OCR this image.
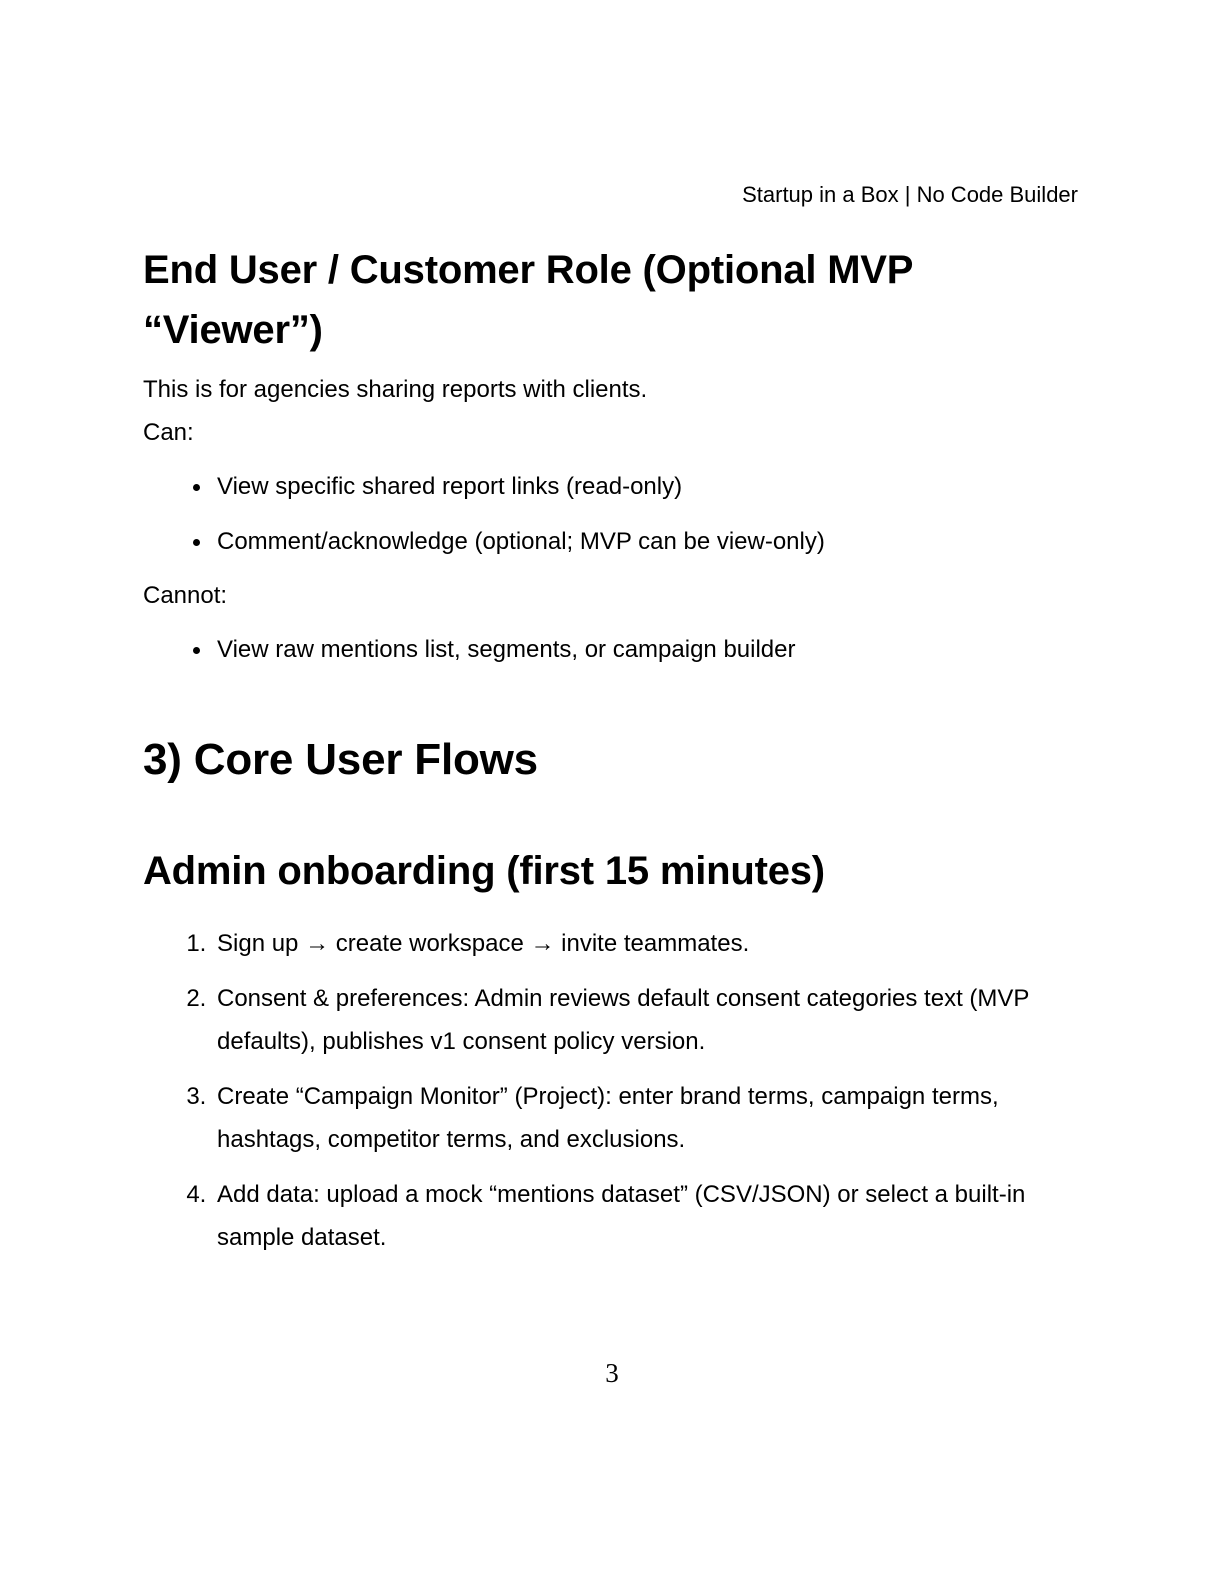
Startup in a Box | No Code Builder
End User / Customer Role (Optional MVP “Viewer”)
This is for agencies sharing reports with clients.
Can:
• View specific shared report links (read-only)
• Comment/acknowledge (optional; MVP can be view-only)
Cannot:
• View raw mentions list, segments, or campaign builder
3) Core User Flows
Admin onboarding (first 15 minutes)
1. Sign up → create workspace → invite teammates.
2. Consent & preferences: Admin reviews default consent categories text (MVP defaults), publishes v1 consent policy version.
3. Create “Campaign Monitor” (Project): enter brand terms, campaign terms, hashtags, competitor terms, and exclusions.
4. Add data: upload a mock “mentions dataset” (CSV/JSON) or select a built-in sample dataset.
3
